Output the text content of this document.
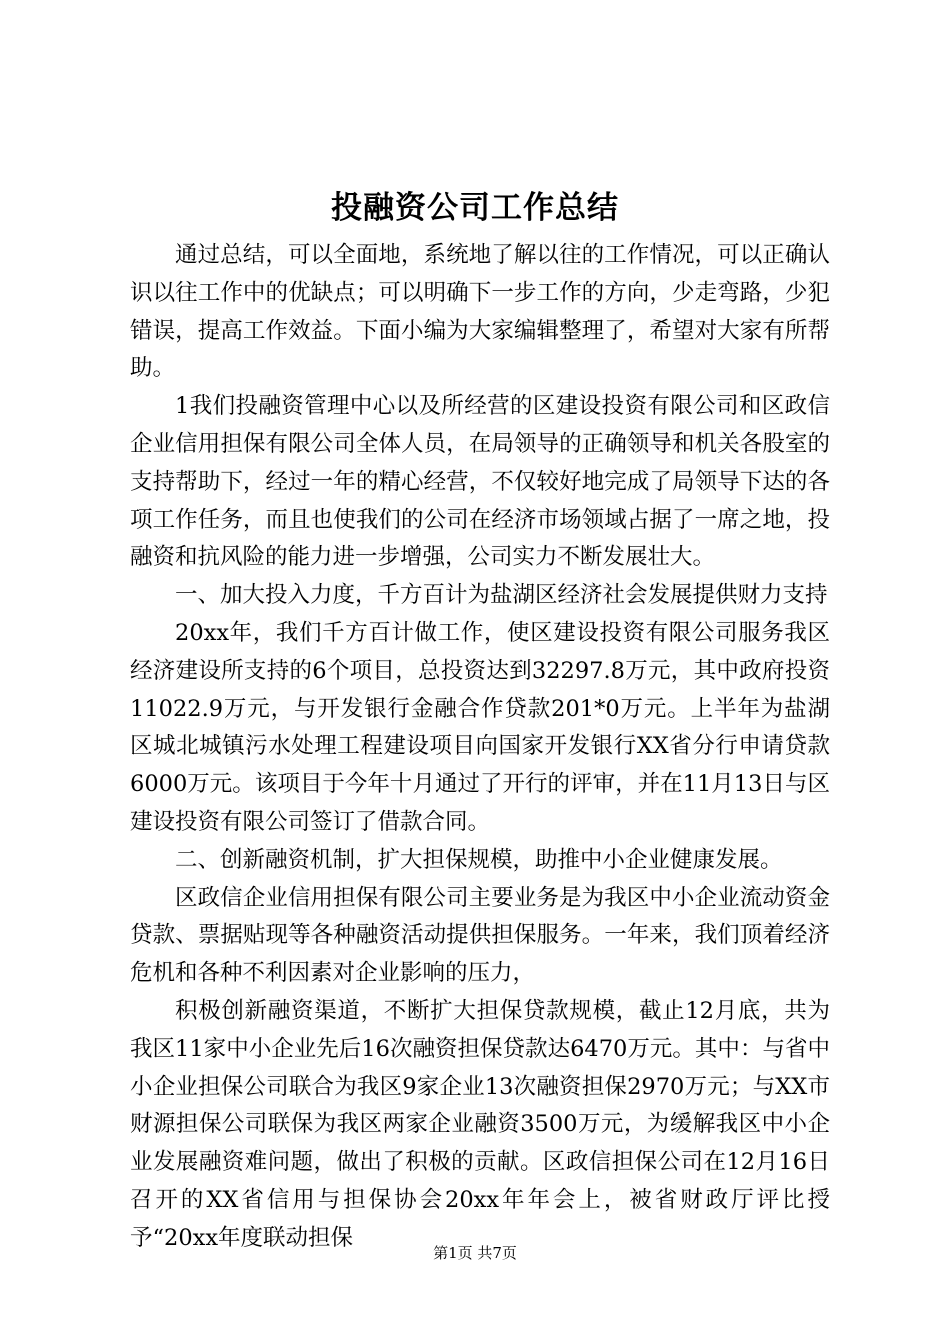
投融资公司工作总结

通过总结，可以全面地，系统地了解以往的工作情况，可以正确认识以往工作中的优缺点；可以明确下一步工作的方向，少走弯路，少犯错误，提高工作效益。下面小编为大家编辑整理了，希望对大家有所帮助。

1我们投融资管理中心以及所经营的区建设投资有限公司和区政信企业信用担保有限公司全体人员，在局领导的正确领导和机关各股室的支持帮助下，经过一年的精心经营，不仅较好地完成了局领导下达的各项工作任务，而且也使我们的公司在经济市场领域占据了一席之地，投融资和抗风险的能力进一步增强，公司实力不断发展壮大。

一、加大投入力度，千方百计为盐湖区经济社会发展提供财力支持

20xx年，我们千方百计做工作，使区建设投资有限公司服务我区经济建设所支持的6个项目，总投资达到32297.8万元，其中政府投资11022.9万元，与开发银行金融合作贷款201*0万元。上半年为盐湖区城北城镇污水处理工程建设项目向国家开发银行XX省分行申请贷款6000万元。该项目于今年十月通过了开行的评审，并在11月13日与区建设投资有限公司签订了借款合同。

二、创新融资机制，扩大担保规模，助推中小企业健康发展。

区政信企业信用担保有限公司主要业务是为我区中小企业流动资金贷款、票据贴现等各种融资活动提供担保服务。一年来，我们顶着经济危机和各种不利因素对企业影响的压力，

积极创新融资渠道，不断扩大担保贷款规模，截止12月底，共为我区11家中小企业先后16次融资担保贷款达6470万元。其中：与省中小企业担保公司联合为我区9家企业13次融资担保2970万元；与XX市财源担保公司联保为我区两家企业融资3500万元，为缓解我区中小企业发展融资难问题，做出了积极的贡献。区政信担保公司在12月16日召开的XX省信用与担保协会20xx年年会上，被省财政厅评比授予“20xx年度联动担保

第1页 共7页
